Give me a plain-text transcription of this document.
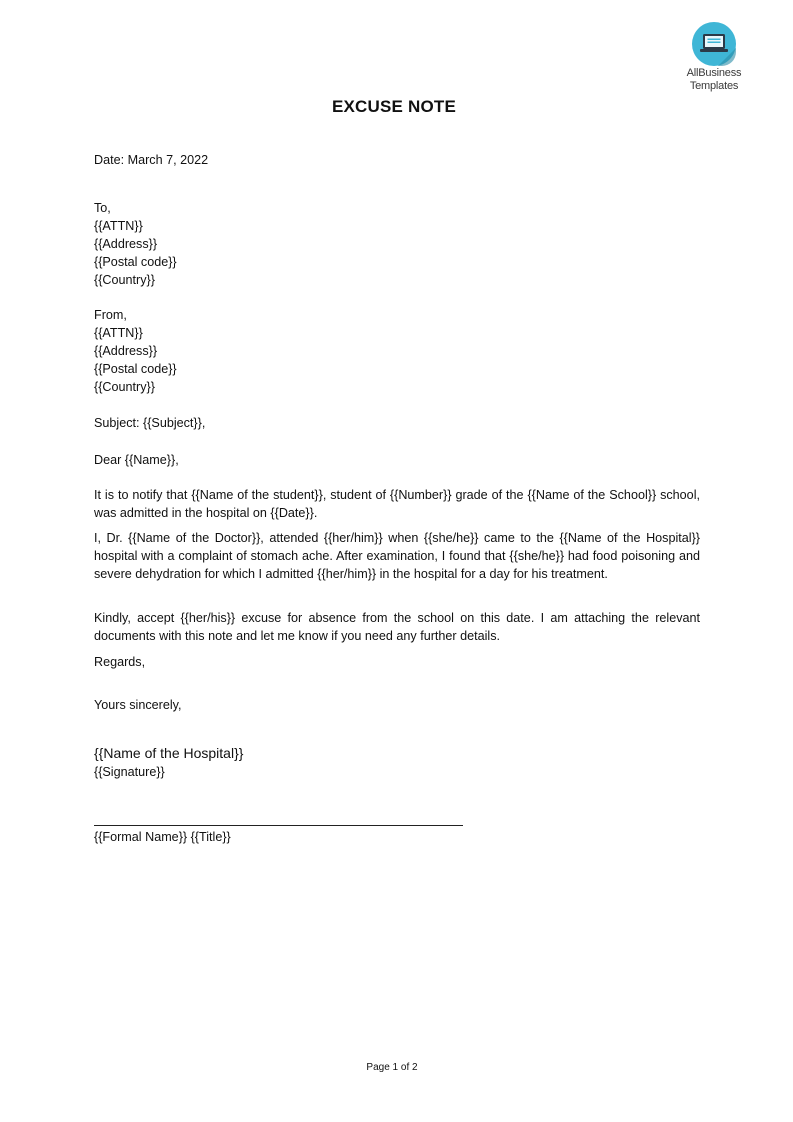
AllBusiness
Templates
EXCUSE NOTE
Date: March 7, 2022
To,
{{ATTN}}
{{Address}}
{{Postal code}}
{{Country}}
From,
{{ATTN}}
{{Address}}
{{Postal code}}
{{Country}}
Subject: {{Subject}},
Dear {{Name}},
It is to notify that {{Name of the student}}, student of {{Number}} grade of the {{Name of the School}} school, was admitted in the hospital on {{Date}}.
I, Dr. {{Name of the Doctor}}, attended {{her/him}} when {{she/he}} came to the {{Name of the Hospital}} hospital with a complaint of stomach ache. After examination, I found that {{she/he}} had food poisoning and severe dehydration for which I admitted {{her/him}} in the hospital for a day for his treatment.
Kindly, accept {{her/his}} excuse for absence from the school on this date. I am attaching the relevant documents with this note and let me know if you need any further details.
Regards,
Yours sincerely,
{{Name of the Hospital}}
{{Signature}}
{{Formal Name}} {{Title}}
Page 1 of 2
